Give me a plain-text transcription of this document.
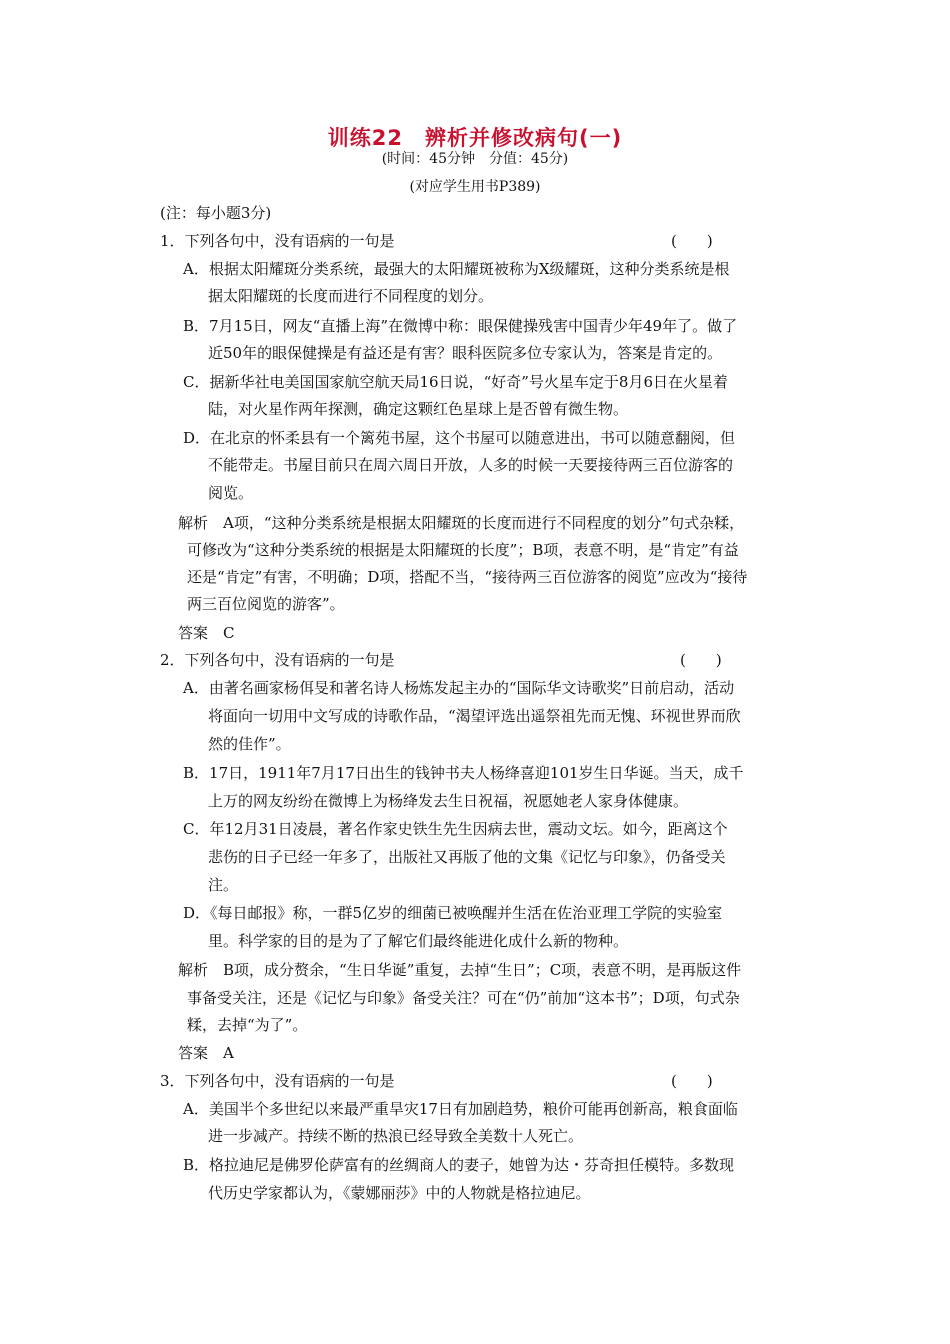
训练22　辨析并修改病句(一)
(时间：45分钟　分值：45分)
(对应学生用书P389)
(注：每小题3分)
1．下列各句中，没有语病的一句是	(　　)
A．根据太阳耀斑分类系统，最强大的太阳耀斑被称为X级耀斑，这种分类系统是根
据太阳耀斑的长度而进行不同程度的划分。
B．7月15日，网友“直播上海”在微博中称：眼保健操残害中国青少年49年了。做了
近50年的眼保健操是有益还是有害？眼科医院多位专家认为，答案是肯定的。
C．据新华社电美国国家航空航天局16日说，“好奇”号火星车定于8月6日在火星着
陆，对火星作两年探测，确定这颗红色星球上是否曾有微生物。
D．在北京的怀柔县有一个篱苑书屋，这个书屋可以随意进出，书可以随意翻阅，但
不能带走。书屋目前只在周六周日开放，人多的时候一天要接待两三百位游客的
阅览。
解析　A项，“这种分类系统是根据太阳耀斑的长度而进行不同程度的划分”句式杂糅，
可修改为“这种分类系统的根据是太阳耀斑的长度”；B项，表意不明，是“肯定”有益
还是“肯定”有害，不明确；D项，搭配不当，“接待两三百位游客的阅览”应改为“接待
两三百位阅览的游客”。
答案　C
2．下列各句中，没有语病的一句是	(　　)
A．由著名画家杨佴旻和著名诗人杨炼发起主办的“国际华文诗歌奖”日前启动，活动
将面向一切用中文写成的诗歌作品，“渴望评选出遥祭祖先而无愧、环视世界而欣
然的佳作”。
B．17日，1911年7月17日出生的钱钟书夫人杨绛喜迎101岁生日华诞。当天，成千
上万的网友纷纷在微博上为杨绛发去生日祝福，祝愿她老人家身体健康。
C．年12月31日凌晨，著名作家史铁生先生因病去世，震动文坛。如今，距离这个
悲伤的日子已经一年多了，出版社又再版了他的文集《记忆与印象》，仍备受关
注。
D．《每日邮报》称，一群5亿岁的细菌已被唤醒并生活在佐治亚理工学院的实验室
里。科学家的目的是为了了解它们最终能进化成什么新的物种。
解析　B项，成分赘余，“生日华诞”重复，去掉“生日”；C项，表意不明，是再版这件
事备受关注，还是《记忆与印象》备受关注？可在“仍”前加“这本书”；D项，句式杂
糅，去掉“为了”。
答案　A
3．下列各句中，没有语病的一句是	(　　)
A．美国半个多世纪以来最严重旱灾17日有加剧趋势，粮价可能再创新高，粮食面临
进一步减产。持续不断的热浪已经导致全美数十人死亡。
B．格拉迪尼是佛罗伦萨富有的丝绸商人的妻子，她曾为达・芬奇担任模特。多数现
代历史学家都认为，《蒙娜丽莎》中的人物就是格拉迪尼。
